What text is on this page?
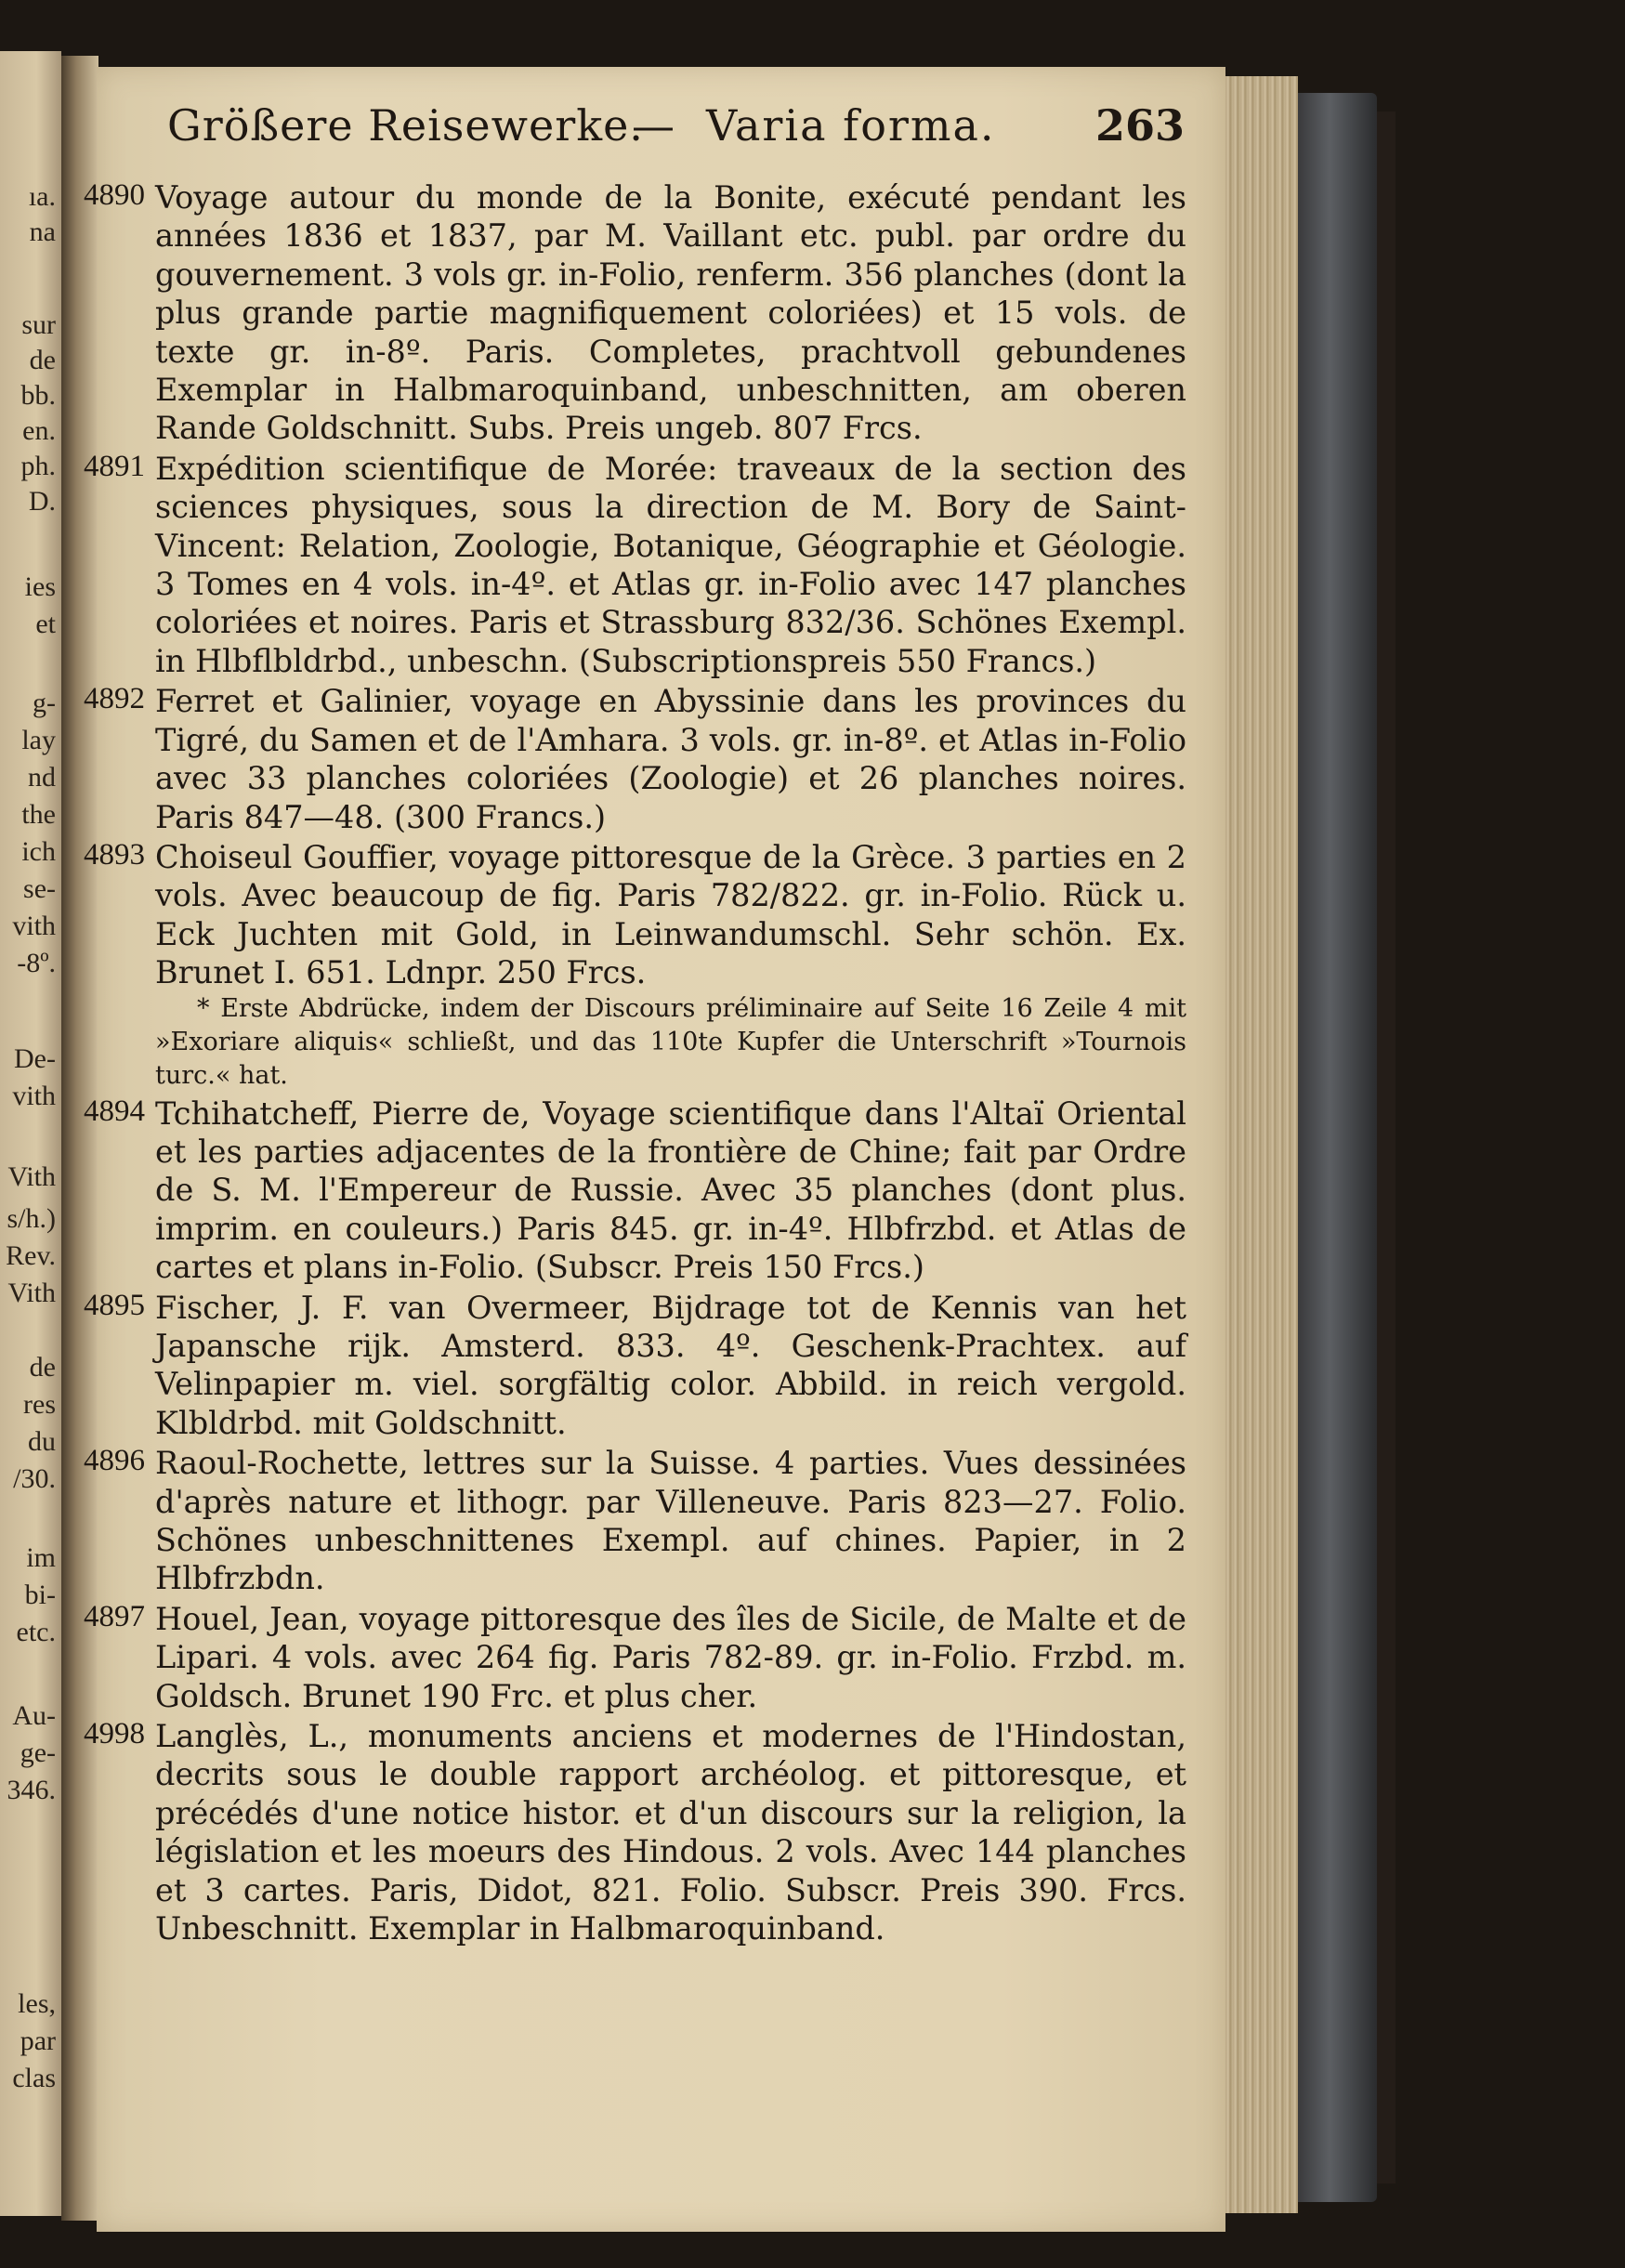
ıa.
na
sur
de
bb.
en.
ph.
D.
ies
et
g-
lay
nd
the
ich
se-
vith
-8º.
De-
vith
Vith
s/h.)
Rev.
Vith
de
res
du
/30.
im
bi-
etc.
Au-
ge-
346.
les,
par
clas
Größere Reisewerke.
— Varia forma. 263
4890 Voyage autour du monde de la Bonite, exécuté pendant les années 1836 et 1837, par M. Vaillant etc. publ. par ordre du gouvernement. 3 vols gr. in-Folio, renferm. 356 planches (dont la plus grande partie magnifiquement coloriées) et 15 vols. de texte gr. in-8º. Paris. Completes, prachtvoll gebundenes Exemplar in Halbmaroquinband, unbeschnitten, am oberen Rande Goldschnitt. Subs. Preis ungeb. 807 Frcs.
4891 Expédition scientifique de Morée: traveaux de la section des sciences physiques, sous la direction de M. Bory de Saint-Vincent: Relation, Zoologie, Botanique, Géographie et Géologie. 3 Tomes en 4 vols. in-4º. et Atlas gr. in-Folio avec 147 planches coloriées et noires. Paris et Strassburg 832/36. Schönes Exempl. in Hlbflbldrbd., unbeschn. (Subscriptionspreis 550 Francs.)
4892 Ferret et Galinier, voyage en Abyssinie dans les provinces du Tigré, du Samen et de l'Amhara. 3 vols. gr. in-8º. et Atlas in-Folio avec 33 planches coloriées (Zoologie) et 26 planches noires. Paris 847—48. (300 Francs.)
4893 Choiseul Gouffier, voyage pittoresque de la Grèce. 3 parties en 2 vols. Avec beaucoup de fig. Paris 782/822. gr. in-Folio. Rück u. Eck Juchten mit Gold, in Leinwandumschl. Sehr schön. Ex. Brunet I. 651. Ldnpr. 250 Frcs.
* Erste Abdrücke, indem der Discours préliminaire auf Seite 16 Zeile 4 mit »Exoriare aliquis« schließt, und das 110te Kupfer die Unterschrift »Tournois turc.« hat.
4894 Tchihatcheff, Pierre de, Voyage scientifique dans l'Altaï Oriental et les parties adjacentes de la frontière de Chine; fait par Ordre de S. M. l'Empereur de Russie. Avec 35 planches (dont plus. imprim. en couleurs.) Paris 845. gr. in-4º. Hlbfrzbd. et Atlas de cartes et plans in-Folio. (Subscr. Preis 150 Frcs.)
4895 Fischer, J. F. van Overmeer, Bijdrage tot de Kennis van het Japansche rijk. Amsterd. 833. 4º. Geschenk-Prachtex. auf Velinpapier m. viel. sorgfältig color. Abbild. in reich vergold. Klbldrbd. mit Goldschnitt.
4896 Raoul-Rochette, lettres sur la Suisse. 4 parties. Vues dessinées d'après nature et lithogr. par Villeneuve. Paris 823—27. Folio. Schönes unbeschnittenes Exempl. auf chines. Papier, in 2 Hlbfrzbdn.
4897 Houel, Jean, voyage pittoresque des îles de Sicile, de Malte et de Lipari. 4 vols. avec 264 fig. Paris 782-89. gr. in-Folio. Frzbd. m. Goldsch. Brunet 190 Frc. et plus cher.
4998 Langlès, L., monuments anciens et modernes de l'Hindostan, decrits sous le double rapport archéolog. et pittoresque, et précédés d'une notice histor. et d'un discours sur la religion, la législation et les moeurs des Hindous. 2 vols. Avec 144 planches et 3 cartes. Paris, Didot, 821. Folio. Subscr. Preis 390. Frcs. Unbeschnitt. Exemplar in Halbmaroquinband.
